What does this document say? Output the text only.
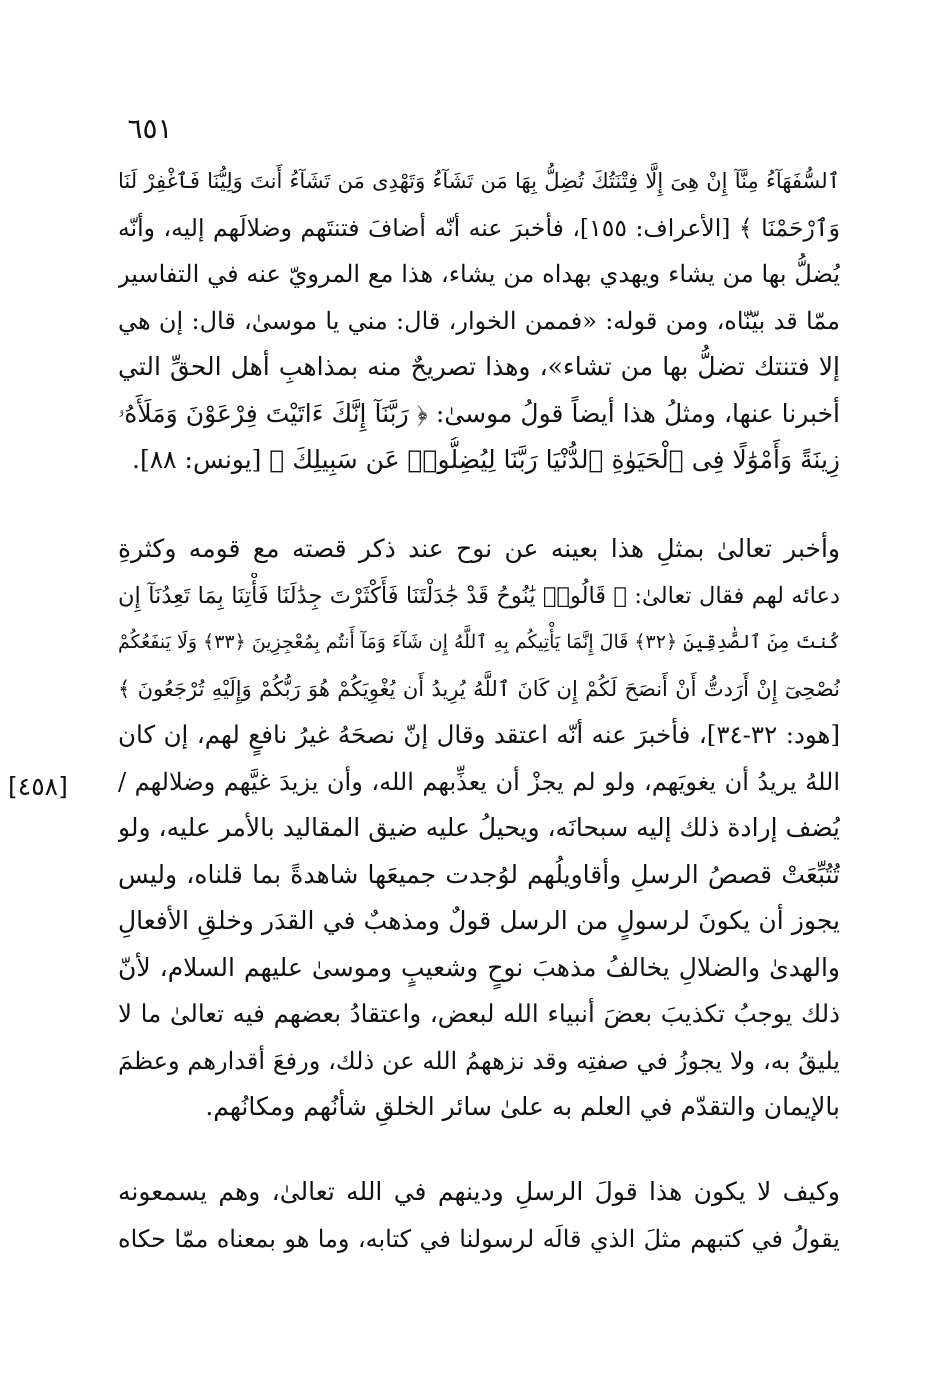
٦٥١
[٤٥٨]
ٱلسُّفَهَآءُ مِنَّآ إِنْ هِىَ إِلَّا فِتْنَتُكَ تُضِلُّ بِهَا مَن تَشَآءُ وَتَهْدِى مَن تَشَآءُ أَنتَ وَلِيُّنَا فَٱغْفِرْ لَنَا
وَٱرْحَمْنَا ﴾ [الأعراف: ١٥٥]، فأخبرَ عنه أنّه أضافَ فتنتَهم وضلالَهم إليه، وأنّه
يُضلُّ بها من يشاء ويهدي بهداه من يشاء، هذا مع المرويّ عنه في التفاسير
ممّا قد بيّنّاه، ومن قوله: «فممن الخوار، قال: مني يا موسىٰ، قال: إن هي
إلا فتنتك تضلُّ بها من تشاء»، وهذا تصريحٌ منه بمذاهبِ أهل الحقِّ التي
أخبرنا عنها، ومثلُ هذا أيضاً قولُ موسىٰ: ﴿ رَبَّنَآ إِنَّكَ ءَاتَيْتَ فِرْعَوْنَ وَمَلَأَهُۥ
زِينَةً وَأَمْوَٰلًا فِى ٱلْحَيَوٰةِ ٱلدُّنْيَا رَبَّنَا لِيُضِلُّوا۟ عَن سَبِيلِكَ ﴾ [يونس: ٨٨].
وأخبر تعالىٰ بمثلِ هذا بعينه عن نوح عند ذكر قصته مع قومه وكثرةِ
دعائه لهم فقال تعالىٰ: ﴿ قَالُوا۟ يَٰنُوحُ قَدْ جَٰدَلْتَنَا فَأَكْثَرْتَ جِدَٰلَنَا فَأْتِنَا بِمَا تَعِدُنَآ إِن
كُنتَ مِنَ ٱلصَّٰدِقِينَ ﴿٣٢﴾ قَالَ إِنَّمَا يَأْتِيكُم بِهِ ٱللَّهُ إِن شَآءَ وَمَآ أَنتُم بِمُعْجِزِينَ ﴿٣٣﴾ وَلَا يَنفَعُكُمْ
نُصْحِىٓ إِنْ أَرَدتُّ أَنْ أَنصَحَ لَكُمْ إِن كَانَ ٱللَّهُ يُرِيدُ أَن يُغْوِيَكُمْ هُوَ رَبُّكُمْ وَإِلَيْهِ تُرْجَعُونَ ﴾
[هود: ٣٢-٣٤]، فأخبرَ عنه أنّه اعتقد وقال إنّ نصحَهُ غيرُ نافعٍ لهم، إن كان
اللهُ يريدُ أن يغويَهم، ولو لم يجزْ أن يعذِّبهم الله، وأن يزيدَ غيَّهم وضلالهم /
يُضف إرادة ذلك إليه سبحانَه، ويحيلُ عليه ضيق المقاليد بالأمر عليه، ولو
تُتُبِّعَتْ قصصُ الرسلِ وأقاويلُهم لوُجدت جميعَها شاهدةً بما قلناه، وليس
يجوز أن يكونَ لرسولٍ من الرسل قولٌ ومذهبٌ في القدَر وخلقِ الأفعالِ
والهدىٰ والضلالِ يخالفُ مذهبَ نوحٍ وشعيبٍ وموسىٰ عليهم السلام، لأنّ
ذلك يوجبُ تكذيبَ بعضَ أنبياء الله لبعض، واعتقادُ بعضهم فيه تعالىٰ ما لا
يليقُ به، ولا يجوزُ في صفتِه وقد نزههمُ الله عن ذلك، ورفعَ أقدارهم وعظمَ
بالإيمان والتقدّم في العلم به علىٰ سائر الخلقِ شأنُهم ومكانُهم.
وكيف لا يكون هذا قولَ الرسلِ ودينهم في الله تعالىٰ، وهم يسمعونه
يقولُ في كتبهم مثلَ الذي قالَه لرسولنا في كتابه، وما هو بمعناه ممّا حكاه
